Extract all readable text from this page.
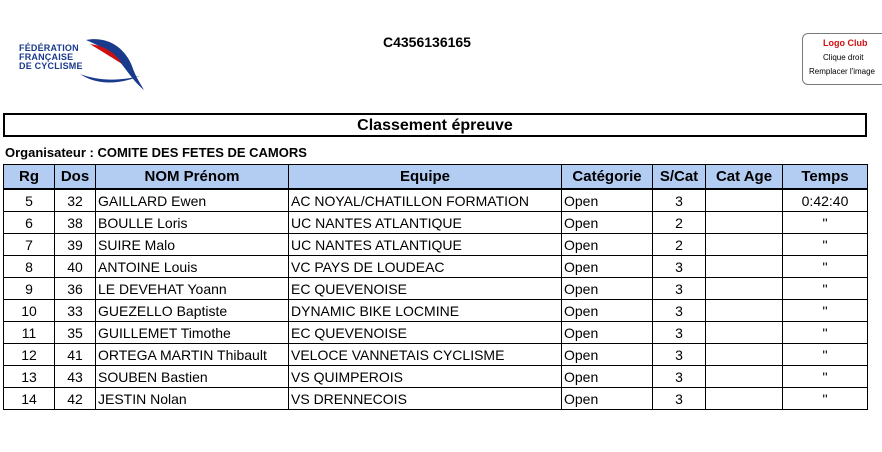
FÉDÉRATION
FRANÇAISE
DE CYCLISME
C4356136165	Logo Club
Clique droit
Remplacer l'image
Classement épreuve
Organisateur : COMITE DES FETES DE CAMORS
Rg	Dos	NOM Prénom	Equipe	Catégorie	S/Cat	Cat Age	Temps
5	32	GAILLARD Ewen	AC NOYAL/CHATILLON FORMATION	Open	3		0:42:40
6	38	BOULLE Loris	UC NANTES ATLANTIQUE	Open	2		''
7	39	SUIRE Malo	UC NANTES ATLANTIQUE	Open	2		''
8	40	ANTOINE Louis	VC PAYS DE LOUDEAC	Open	3		''
9	36	LE DEVEHAT Yoann	EC QUEVENOISE	Open	3		''
10	33	GUEZELLO Baptiste	DYNAMIC BIKE LOCMINE	Open	3		''
11	35	GUILLEMET Timothe	EC QUEVENOISE	Open	3		''
12	41	ORTEGA MARTIN Thibault	VELOCE VANNETAIS CYCLISME	Open	3		''
13	43	SOUBEN Bastien	VS QUIMPEROIS	Open	3		''
14	42	JESTIN Nolan	VS DRENNECOIS	Open	3		''
